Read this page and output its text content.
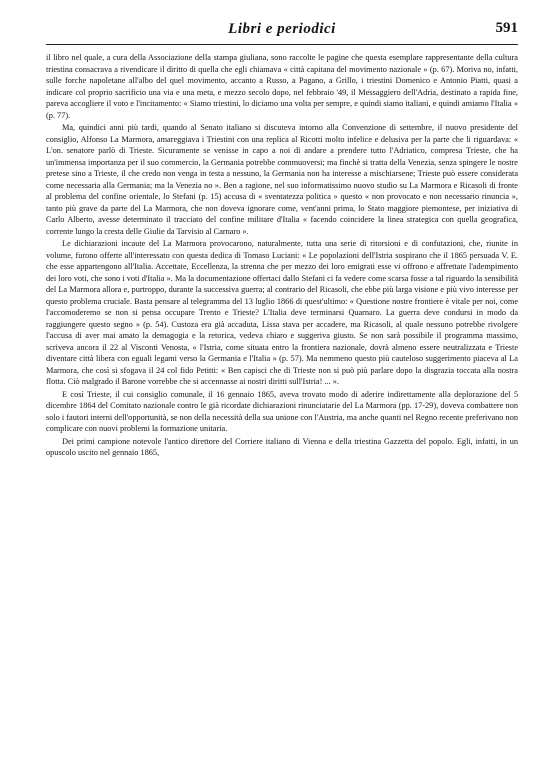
Libri e periodici	591

il libro nel quale, a cura della Associazione della stampa giuliana, sono raccolte le pagine che questa esemplare rappresentante della cultura triestina consacrava a rivendicare il diritto di quella che egli chiamava « città capitana del movimento nazionale » (p. 67). Moriva no, infatti, sulle forche napoletane all'albo del quel movimento, accanto a Russo, a Pagano, a Grillo, i triestini Domenico e Antonio Piatti, quasi a indicare col proprio sacrificio una via e una meta, e mezzo secolo dopo, nel febbraio '49, il Messaggiero dell'Adria, destinato a rapida fine, pareva accogliere il voto e l'incitamento: « Siamo triestini, lo diciamo una volta per sempre, e quindi siamo italiani, e quindi amiamo l'Italia » (p. 77).

Ma, quindici anni più tardi, quando al Senato italiano si discuteva intorno alla Convenzione di settembre, il nuovo presidente del consiglio, Alfonso La Marmora, amareggiava i Triestini con una replica al Ricotti molto infelice e delusiva per la parte che li riguardava: « L'on. senatore parlò di Trieste. Sicuramente se venisse in capo a noi di andare a prendere tutto l'Adriatico, compresa Trieste, che ha un'immensa importanza per il suo commercio, la Germania potrebbe commuoversi; ma finchè si tratta della Venezia, senza spingere le nostre pretese sino a Trieste, il che credo non venga in testa a nessuno, la Germania non ha interesse a mischiarsene; Trieste può essere considerata come necessaria alla Germania; ma la Venezia no ». Ben a ragione, nel suo informatissimo nuovo studio su La Marmora e Ricasoli di fronte al problema del confine orientale, lo Stefani (p. 15) accusa di « sventatezza politica » questo « non provocato e non necessario rinuncia », tanto più grave da parte del La Marmora, che non doveva ignorare come, vent'anni prima, lo Stato maggiore piemontese, per iniziativa di Carlo Alberto, avesse determinato il tracciato del confine militare d'Italia « facendo coincidere la linea strategica con quella geografica, corrente lungo la cresta delle Giulie da Tarvisio al Carnaro ».

Le dichiarazioni incaute del La Marmora provocarono, naturalmente, tutta una serie di ritorsioni e di confutazioni, che, riunite in volume, furono offerte all'interessato con questa dedica di Tomaso Luciani: « Le popolazioni dell'Istria sospirano che il 1865 persuada V. E. che esse appartengono all'Italia. Accettate, Eccellenza, la strenna che per mezzo dei loro emigrati esse vi offrono e affrettate l'adempimento dei loro voti, che sono i voti d'Italia ». Ma la documentazione offertaci dallo Stefani ci fa vedere come scarsa fosse a tal riguardo la sensibilità del La Marmora allora e, purtroppo, durante la successiva guerra; al contrario del Ricasoli, che ebbe più larga visione e più vivo interesse per questo problema cruciale. Basta pensare al telegramma del 13 luglio 1866 di quest'ultimo: « Questione nostre frontiere è vitale per noi, come l'accomoderemo se non si pensa occupare Trento e Trieste? L'Italia deve terminarsi Quarnaro. La guerra deve condursi in modo da raggiungere questo segno » (p. 54). Custoza era già accaduta, Lissa stava per accadere, ma Ricasoli, al quale nessuno potrebbe rivolgere l'accusa di aver mai amato la demagogia e la retorica, vedeva chiaro e suggeriva giusto. Se non sarà possibile il programma massimo, scriveva ancora il 22 al Visconti Venosta, « l'Istria, come situata entro la frontiera nazionale, dovrà almeno essere neutralizzata e Trieste diventare città libera con eguali legami verso la Germania e l'Italia » (p. 57). Ma nemmeno questo più cauteloso suggerimento piaceva al La Marmora, che così si sfogava il 24 col fido Petitti: « Ben capisci che di Trieste non si può più parlare dopo la disgrazia toccata alla nostra flotta. Ciò malgrado il Barone vorrebbe che si accennasse ai nostri diritti sull'Istria! ... ».

E così Trieste, il cui consiglio comunale, il 16 gennaio 1865, aveva trovato modo di aderire indirettamente alla deplorazione del 5 dicembre 1864 del Comitato nazionale contro le già ricordate dichiarazioni rinunciatarie del La Marmora (pp. 17-29), doveva combattere non solo i fautori interni dell'opportunità, se non della necessità della sua unione con l'Austria, ma anche quanti nel Regno recente preferivano non complicare con nuovi problemi la formazione unitaria.

Dei primi campione notevole l'antico direttore del Corriere italiano di Vienna e della triestina Gazzetta del popolo. Egli, infatti, in un opuscolo uscito nel gennaio 1865,
